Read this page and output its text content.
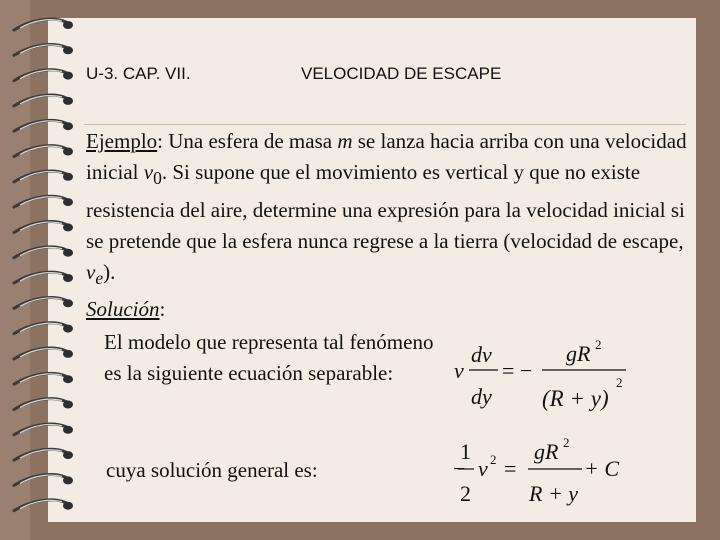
U-3. CAP. VII.	VELOCIDAD DE ESCAPE
Ejemplo: Una esfera de masa m se lanza hacia arriba con una velocidad inicial $v_0$. Si supone que el movimiento es vertical y que no existe resistencia del aire, determine una expresión para la velocidad inicial si se pretende que la esfera nunca regrese a la tierra (velocidad de escape, $v_e$).
Solución:
El modelo que representa tal fenómeno es la siguiente ecuación separable:
cuya solución general es:
v
dv
dy
= −
gR 2
(R + y)
2
1
2
− v 2 =
gR 2
R + y
+ C
